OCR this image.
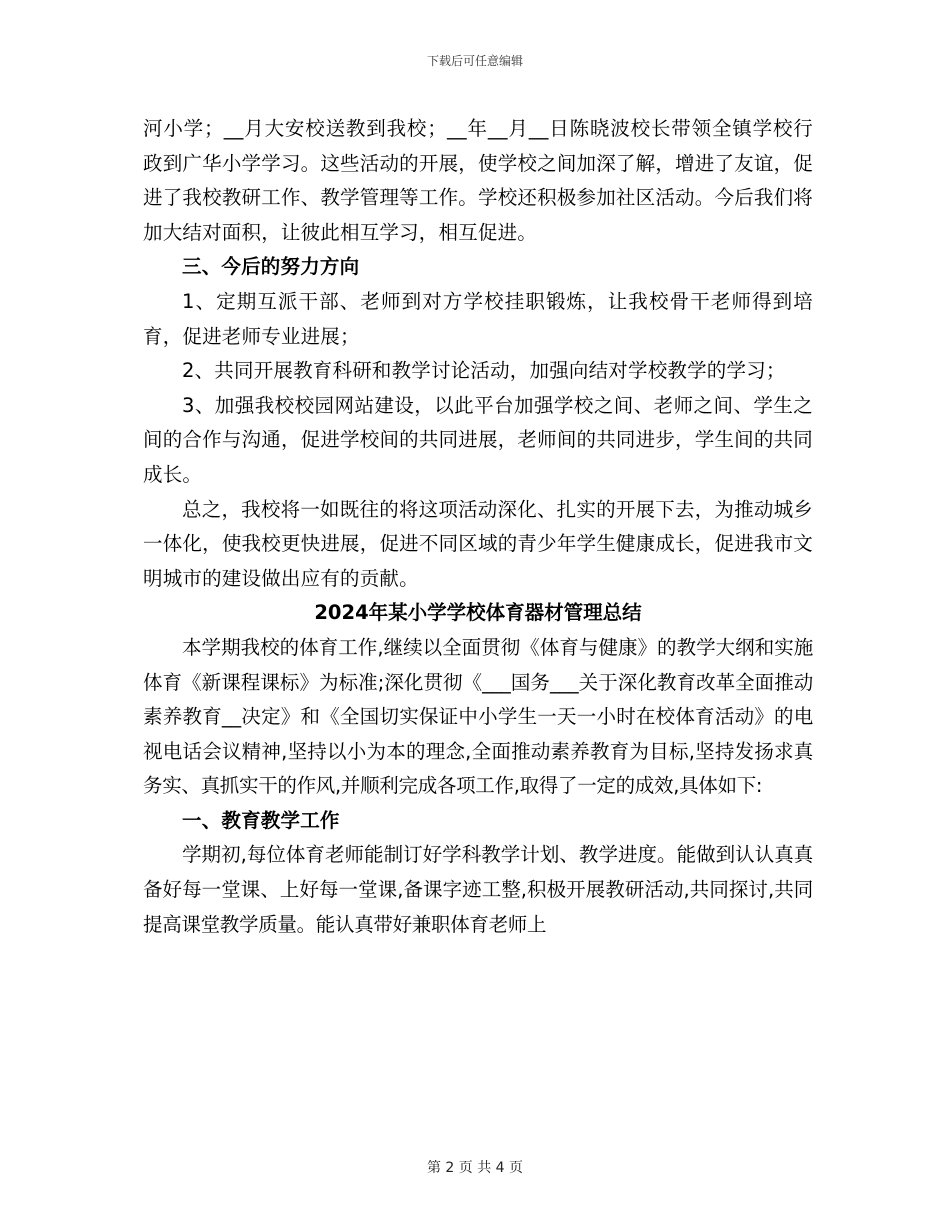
下载后可任意编辑

河小学；__月大安校送教到我校；__年__月__日陈晓波校长带领全镇学校行政到广华小学学习。这些活动的开展，使学校之间加深了解，增进了友谊，促进了我校教研工作、教学管理等工作。学校还积极参加社区活动。今后我们将加大结对面积，让彼此相互学习，相互促进。

三、今后的努力方向

1、定期互派干部、老师到对方学校挂职锻炼，让我校骨干老师得到培育，促进老师专业进展；

2、共同开展教育科研和教学讨论活动，加强向结对学校教学的学习；

3、加强我校校园网站建设，以此平台加强学校之间、老师之间、学生之间的合作与沟通，促进学校间的共同进展，老师间的共同进步，学生间的共同成长。

总之，我校将一如既往的将这项活动深化、扎实的开展下去，为推动城乡一体化，使我校更快进展，促进不同区域的青少年学生健康成长，促进我市文明城市的建设做出应有的贡献。

2024年某小学学校体育器材管理总结

本学期我校的体育工作,继续以全面贯彻《体育与健康》的教学大纲和实施体育《新课程课标》为标准;深化贯彻《___国务___关于深化教育改革全面推动素养教育__决定》和《全国切实保证中小学生一天一小时在校体育活动》的电视电话会议精神,坚持以小为本的理念,全面推动素养教育为目标,坚持发扬求真务实、真抓实干的作风,并顺利完成各项工作,取得了一定的成效,具体如下:

一、教育教学工作

学期初,每位体育老师能制订好学科教学计划、教学进度。能做到认认真真备好每一堂课、上好每一堂课,备课字迹工整,积极开展教研活动,共同探讨,共同提高课堂教学质量。能认真带好兼职体育老师上

第 2 页 共 4 页
